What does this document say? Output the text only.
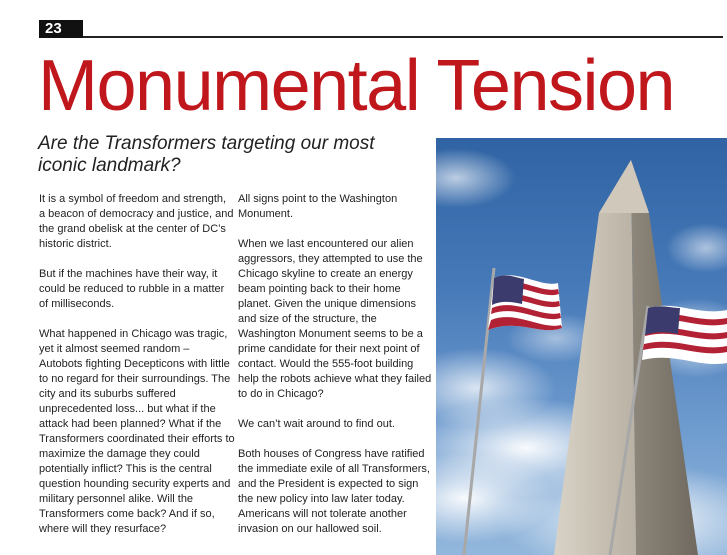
23
Monumental Tension
Are the Transformers targeting our most iconic landmark?

It is a symbol of freedom and strength, a beacon of democracy and justice, and the grand obelisk at the center of DC’s historic district.

But if the machines have their way, it could be reduced to rubble in a matter of milliseconds.

What happened in Chicago was tragic, yet it almost seemed random – Autobots fighting Decepticons with little to no regard for their surroundings. The city and its suburbs suffered unprecedented loss... but what if the attack had been planned? What if the Transformers coordinated their efforts to maximize the damage they could potentially inflict? This is the central question hounding security experts and military personnel alike. Will the Transformers come back? And if so, where will they resurface?

All signs point to the Washington Monument.

When we last encountered our alien aggressors, they attempted to use the Chicago skyline to create an energy beam pointing back to their home planet. Given the unique dimensions and size of the structure, the Washington Monument seems to be a prime candidate for their next point of contact. Would the 555-foot building help the robots achieve what they failed to do in Chicago?

We can’t wait around to find out.

Both houses of Congress have ratified the immediate exile of all Transformers, and the President is expected to sign the new policy into law later today. Americans will not tolerate another invasion on our hallowed soil.
